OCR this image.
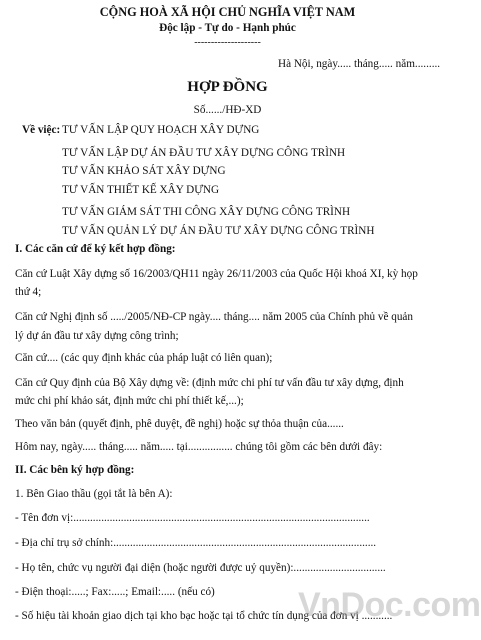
CỘNG HOÀ XÃ HỘI CHỦ NGHĨA VIỆT NAM
Độc lập - Tự do - Hạnh phúc
--------------------
Hà Nội, ngày..... tháng..... năm.........
HỢP ĐỒNG
Số....../HĐ-XD
Về việc: TƯ VẤN LẬP QUY HOẠCH XÂY DỰNG
TƯ VẤN LẬP DỰ ÁN ĐẦU TƯ XÂY DỰNG CÔNG TRÌNH
TƯ VẤN KHẢO SÁT XÂY DỰNG
TƯ VẤN THIẾT KẾ XÂY DỰNG
TƯ VẤN GIÁM SÁT THI CÔNG XÂY DỰNG CÔNG TRÌNH
TƯ VẤN QUẢN LÝ DỰ ÁN ĐẦU TƯ XÂY DỰNG CÔNG TRÌNH
I. Các căn cứ để ký kết hợp đồng:
Căn cứ Luật Xây dựng số 16/2003/QH11 ngày 26/11/2003 của Quốc Hội khoá XI, kỳ họp
thứ 4;
Căn cứ Nghị định số ...../2005/NĐ-CP ngày.... tháng.... năm 2005 của Chính phủ về quản
lý dự án đầu tư xây dựng công trình;
Căn cứ.... (các quy định khác của pháp luật có liên quan);
Căn cứ Quy định của Bộ Xây dựng về: (định mức chi phí tư vấn đầu tư xây dựng, định
mức chi phí khảo sát, định mức chi phí thiết kế,...);
Theo văn bản (quyết định, phê duyệt, đề nghị) hoặc sự thỏa thuận của......
Hôm nay, ngày..... tháng..... năm..... tại................ chúng tôi gồm các bên dưới đây:
II. Các bên ký hợp đồng:
1. Bên Giao thầu (gọi tắt là bên A):
- Tên đơn vị:..........................................................................................................
- Địa chỉ trụ sở chính:..............................................................................................
- Họ tên, chức vụ người đại diện (hoặc người được uỷ quyền):.................................
- Điện thoại:.....; Fax:.....; Email:..... (nếu có)
- Số hiệu tài khoản giao dịch tại kho bạc hoặc tại tổ chức tín dụng của đơn vị ...........
VnDoc.com
